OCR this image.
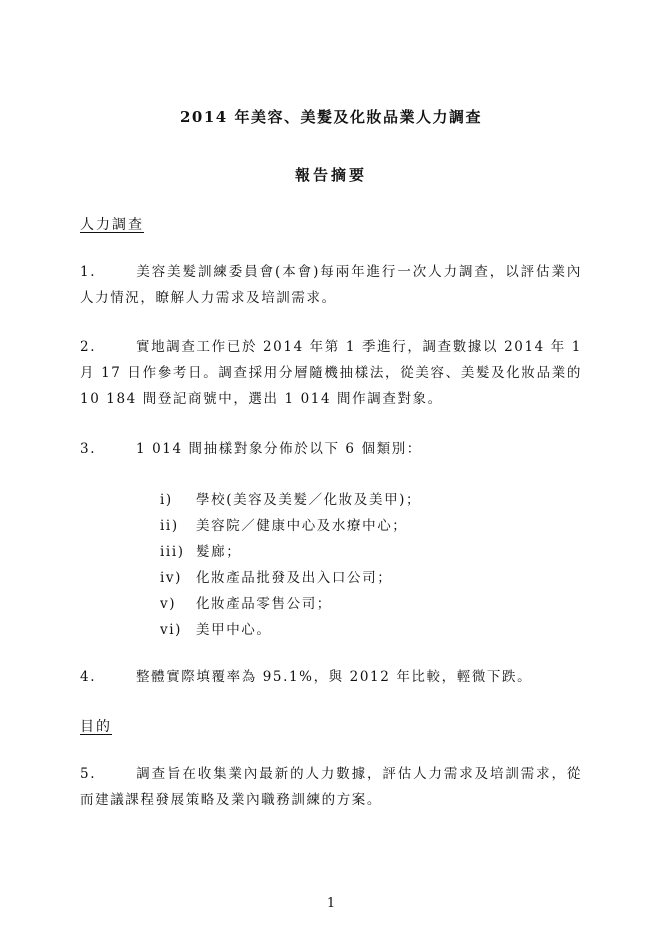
2014 年美容、美髮及化妝品業人力調查
報告摘要
人力調查
1.	美容美髮訓練委員會(本會)每兩年進行一次人力調查，以評估業內人力情況，瞭解人力需求及培訓需求。
2.	實地調查工作已於 2014 年第 1 季進行，調查數據以 2014 年 1 月 17 日作參考日。調查採用分層隨機抽樣法，從美容、美髮及化妝品業的 10 184 間登記商號中，選出 1 014 間作調查對象。
3.	1 014 間抽樣對象分佈於以下 6 個類別：
i) 學校(美容及美髮／化妝及美甲)；
ii) 美容院／健康中心及水療中心；
iii) 髮廊；
iv) 化妝產品批發及出入口公司；
v) 化妝產品零售公司；
vi) 美甲中心。
4.	整體實際填覆率為 95.1%，與 2012 年比較，輕微下跌。
目的
5.	調查旨在收集業內最新的人力數據，評估人力需求及培訓需求，從而建議課程發展策略及業內職務訓練的方案。
1
